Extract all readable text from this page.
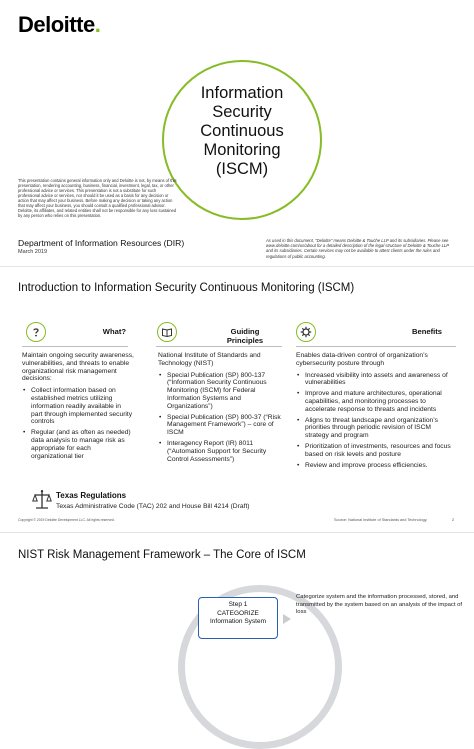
Deloitte.
Information
Security
Continuous
Monitoring
(ISCM)
This presentation contains general information only and Deloitte is not, by means of this presentation, rendering accounting, business, financial, investment, legal, tax, or other professional advice or services. This presentation is not a substitute for such professional advice or services, nor should it be used as a basis for any decision or action that may affect your business. Before making any decision or taking any action that may affect your business, you should consult a qualified professional advisor. Deloitte, its affiliates, and related entities shall not be responsible for any loss sustained by any person who relies on this presentation.
Department of Information Resources (DIR)
March 2019
As used in this document, "Deloitte" means Deloitte & Touche LLP and its subsidiaries. Please see www.deloitte.com/us/about for a detailed description of the legal structure of Deloitte & Touche LLP and its subsidiaries. Certain services may not be available to attest clients under the rules and regulations of public accounting.
Introduction to Information Security Continuous Monitoring (ISCM)
What?	Guiding Principles
Benefits
Maintain ongoing security awareness, vulnerabilities, and threats to enable organizational risk management decisions:
• Collect information based on established metrics utilizing information readily available in part through implemented security controls
• Regular (and as often as needed) data analysis to manage risk as appropriate for each organizational tier
National Institute of Standards and Technology (NIST)
• Special Publication (SP) 800-137 (“Information Security Continuous Monitoring (ISCM) for Federal Information Systems and Organizations”)
• Special Publication (SP) 800-37 (“Risk Management Framework”) – core of ISCM
• Interagency Report (IR) 8011 (“Automation Support for Security Control Assessments”)
Enables data-driven control of organization’s cybersecurity posture through
• Increased visibility into assets and awareness of vulnerabilities
• Improve and mature architectures, operational capabilities, and monitoring processes to accelerate response to threats and incidents
• Aligns to threat landscape and organization’s priorities through periodic revision of ISCM strategy and program
• Prioritization of investments, resources and focus based on risk levels and posture
• Review and improve process efficiencies.
Texas Regulations
Texas Administrative Code (TAC) 202 and House Bill 4214 (Draft)
Copyright © 2019 Deloitte Development LLC. All rights reserved.	Source: National Institute of Standards and Technology.	2
NIST Risk Management Framework – The Core of ISCM
Step 1
CATEGORIZE
Information System
Categorize system and the information processed, stored, and transmitted by the system based on an analysis of the impact of loss
